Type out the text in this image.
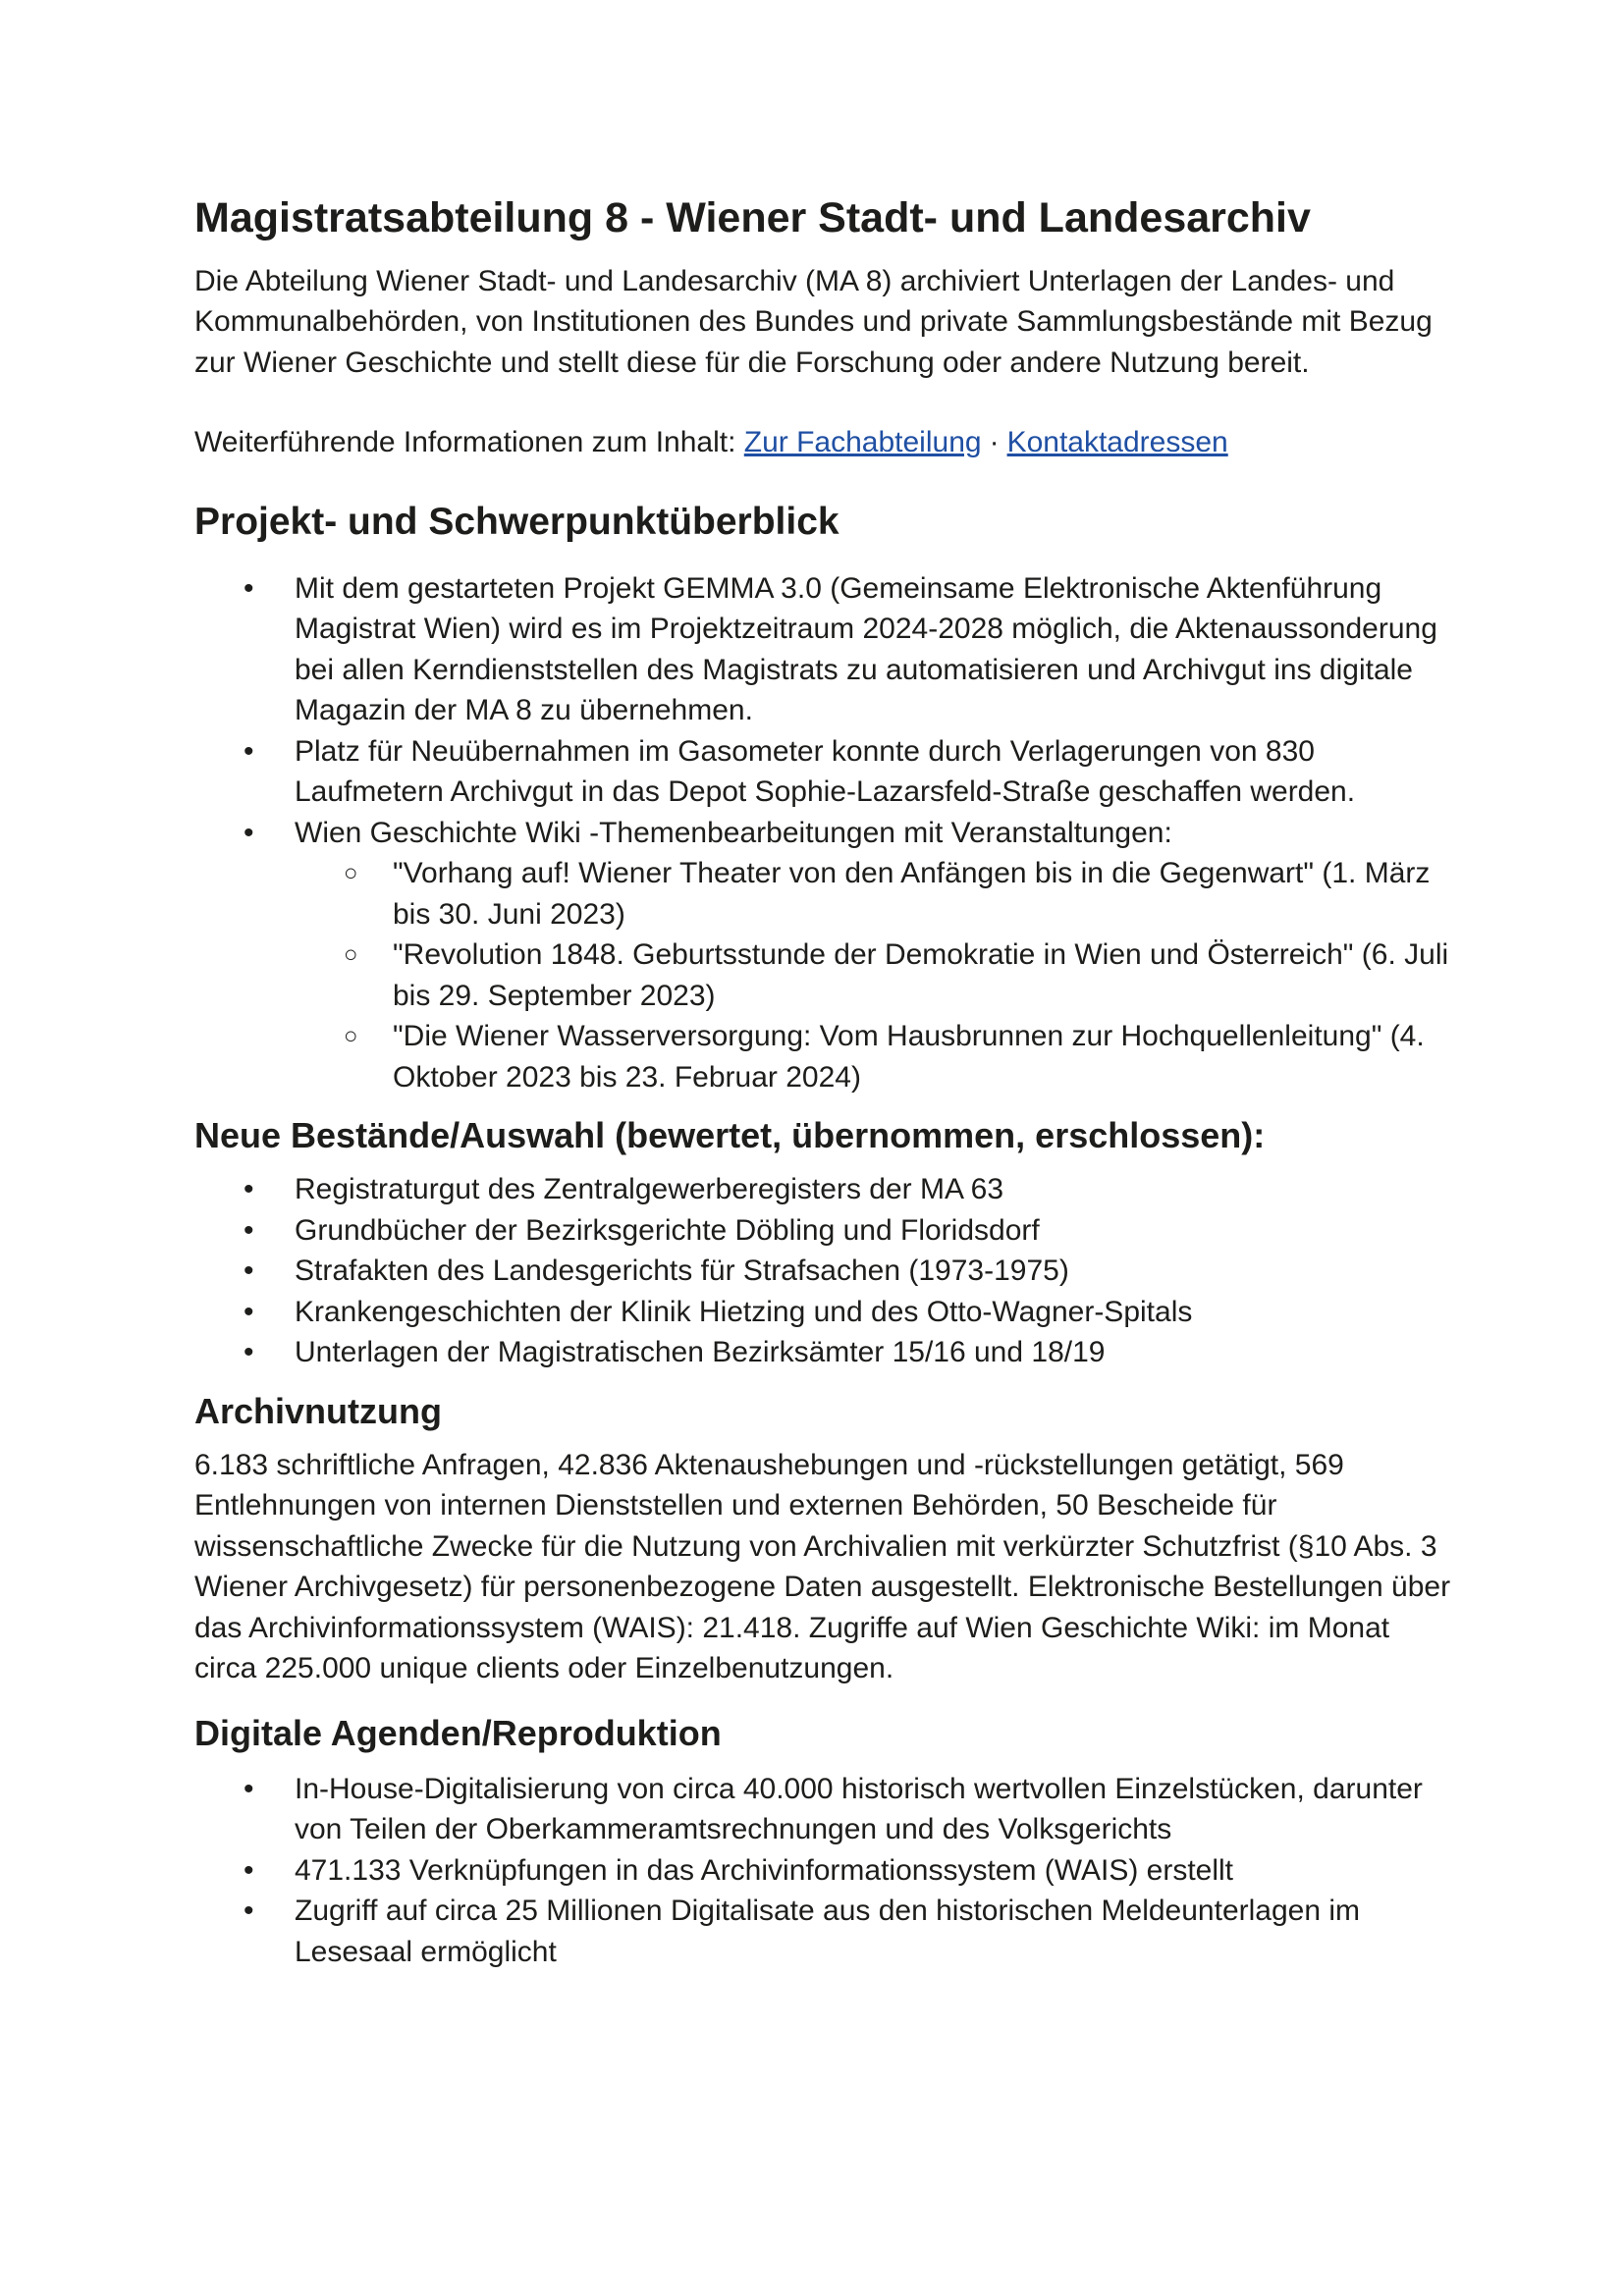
Magistratsabteilung 8 - Wiener Stadt- und Landesarchiv

Die Abteilung Wiener Stadt- und Landesarchiv (MA 8) archiviert Unterlagen der Landes- und Kommunalbehörden, von Institutionen des Bundes und private Sammlungsbestände mit Bezug zur Wiener Geschichte und stellt diese für die Forschung oder andere Nutzung bereit.

Weiterführende Informationen zum Inhalt: Zur Fachabteilung · Kontaktadressen

Projekt- und Schwerpunktüberblick
• Mit dem gestarteten Projekt GEMMA 3.0 (Gemeinsame Elektronische Aktenführung Magistrat Wien) wird es im Projektzeitraum 2024-2028 möglich, die Aktenaussonderung bei allen Kerndienststellen des Magistrats zu automatisieren und Archivgut ins digitale Magazin der MA 8 zu übernehmen.
• Platz für Neuübernahmen im Gasometer konnte durch Verlagerungen von 830 Laufmetern Archivgut in das Depot Sophie-Lazarsfeld-Straße geschaffen werden.
• Wien Geschichte Wiki -Themenbearbeitungen mit Veranstaltungen:
○ "Vorhang auf! Wiener Theater von den Anfängen bis in die Gegenwart" (1. März bis 30. Juni 2023)
○ "Revolution 1848. Geburtsstunde der Demokratie in Wien und Österreich" (6. Juli bis 29. September 2023)
○ "Die Wiener Wasserversorgung: Vom Hausbrunnen zur Hochquellenleitung" (4. Oktober 2023 bis 23. Februar 2024)
Neue Bestände/Auswahl (bewertet, übernommen, erschlossen):
• Registraturgut des Zentralgewerberegisters der MA 63
• Grundbücher der Bezirksgerichte Döbling und Floridsdorf
• Strafakten des Landesgerichts für Strafsachen (1973-1975)
• Krankengeschichten der Klinik Hietzing und des Otto-Wagner-Spitals
• Unterlagen der Magistratischen Bezirksämter 15/16 und 18/19
Archivnutzung

6.183 schriftliche Anfragen, 42.836 Aktenaushebungen und -rückstellungen getätigt, 569 Entlehnungen von internen Dienststellen und externen Behörden, 50 Bescheide für wissenschaftliche Zwecke für die Nutzung von Archivalien mit verkürzter Schutzfrist (§10 Abs. 3 Wiener Archivgesetz) für personenbezogene Daten ausgestellt. Elektronische Bestellungen über das Archivinformationssystem (WAIS): 21.418. Zugriffe auf Wien Geschichte Wiki: im Monat circa 225.000 unique clients oder Einzelbenutzungen.

Digitale Agenden/Reproduktion
• In-House-Digitalisierung von circa 40.000 historisch wertvollen Einzelstücken, darunter von Teilen der Oberkammeramtsrechnungen und des Volksgerichts
• 471.133 Verknüpfungen in das Archivinformationssystem (WAIS) erstellt
• Zugriff auf circa 25 Millionen Digitalisate aus den historischen Meldeunterlagen im Lesesaal ermöglicht
